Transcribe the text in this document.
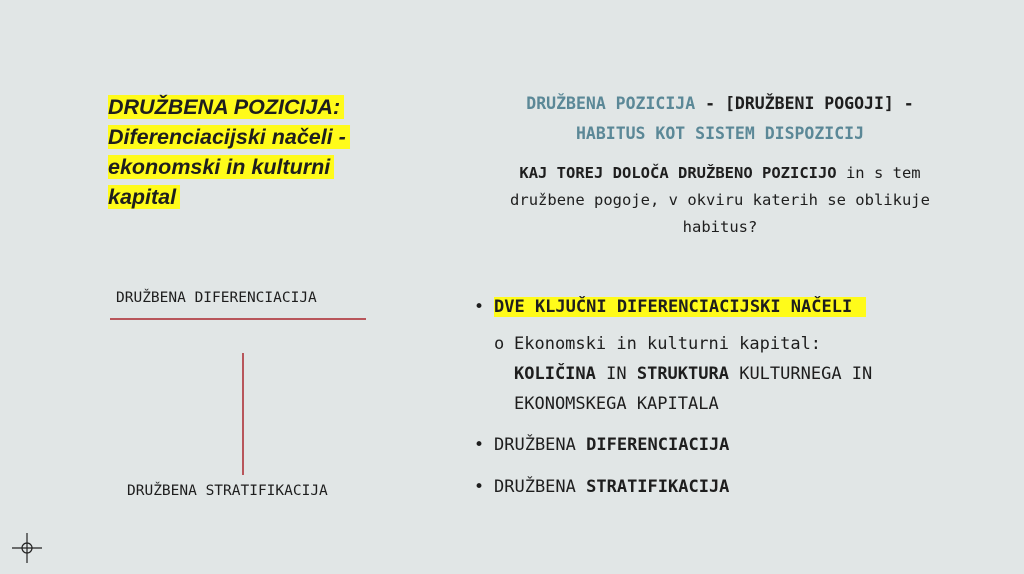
DRUŽBENA POZICIJA:
Diferenciacijski načeli -
ekonomski in kulturni
kapital
DRUŽBENA DIFERENCIACIJA
DRUŽBENA STRATIFIKACIJA
DRUŽBENA POZICIJA - [DRUŽBENI POGOJI] -
HABITUS KOT SISTEM DISPOZICIJ
KAJ TOREJ DOLOČA DRUŽBENO POZICIJO in s tem
družbene pogoje, v okviru katerih se oblikuje
habitus?
• DVE KLJUČNI DIFERENCIACIJSKI NAČELI
o Ekonomski in kulturni kapital:
KOLIČINA IN STRUKTURA KULTURNEGA IN
EKONOMSKEGA KAPITALA
• DRUŽBENA DIFERENCIACIJA
• DRUŽBENA STRATIFIKACIJA
